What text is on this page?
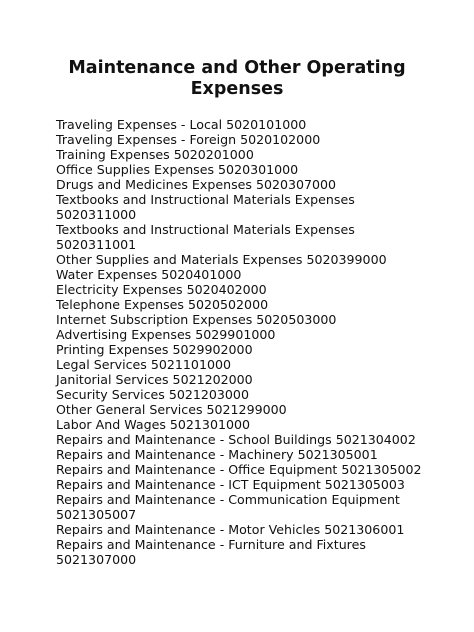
Maintenance and Other Operating
Expenses
Traveling Expenses - Local 5020101000
Traveling Expenses - Foreign 5020102000
Training Expenses 5020201000
Office Supplies Expenses 5020301000
Drugs and Medicines Expenses 5020307000
Textbooks and Instructional Materials Expenses
5020311000
Textbooks and Instructional Materials Expenses
5020311001
Other Supplies and Materials Expenses 5020399000
Water Expenses 5020401000
Electricity Expenses 5020402000
Telephone Expenses 5020502000
Internet Subscription Expenses 5020503000
Advertising Expenses 5029901000
Printing Expenses 5029902000
Legal Services 5021101000
Janitorial Services 5021202000
Security Services 5021203000
Other General Services 5021299000
Labor And Wages 5021301000
Repairs and Maintenance - School Buildings 5021304002
Repairs and Maintenance - Machinery 5021305001
Repairs and Maintenance - Office Equipment 5021305002
Repairs and Maintenance - ICT Equipment 5021305003
Repairs and Maintenance - Communication Equipment
5021305007
Repairs and Maintenance - Motor Vehicles 5021306001
Repairs and Maintenance - Furniture and Fixtures
5021307000
